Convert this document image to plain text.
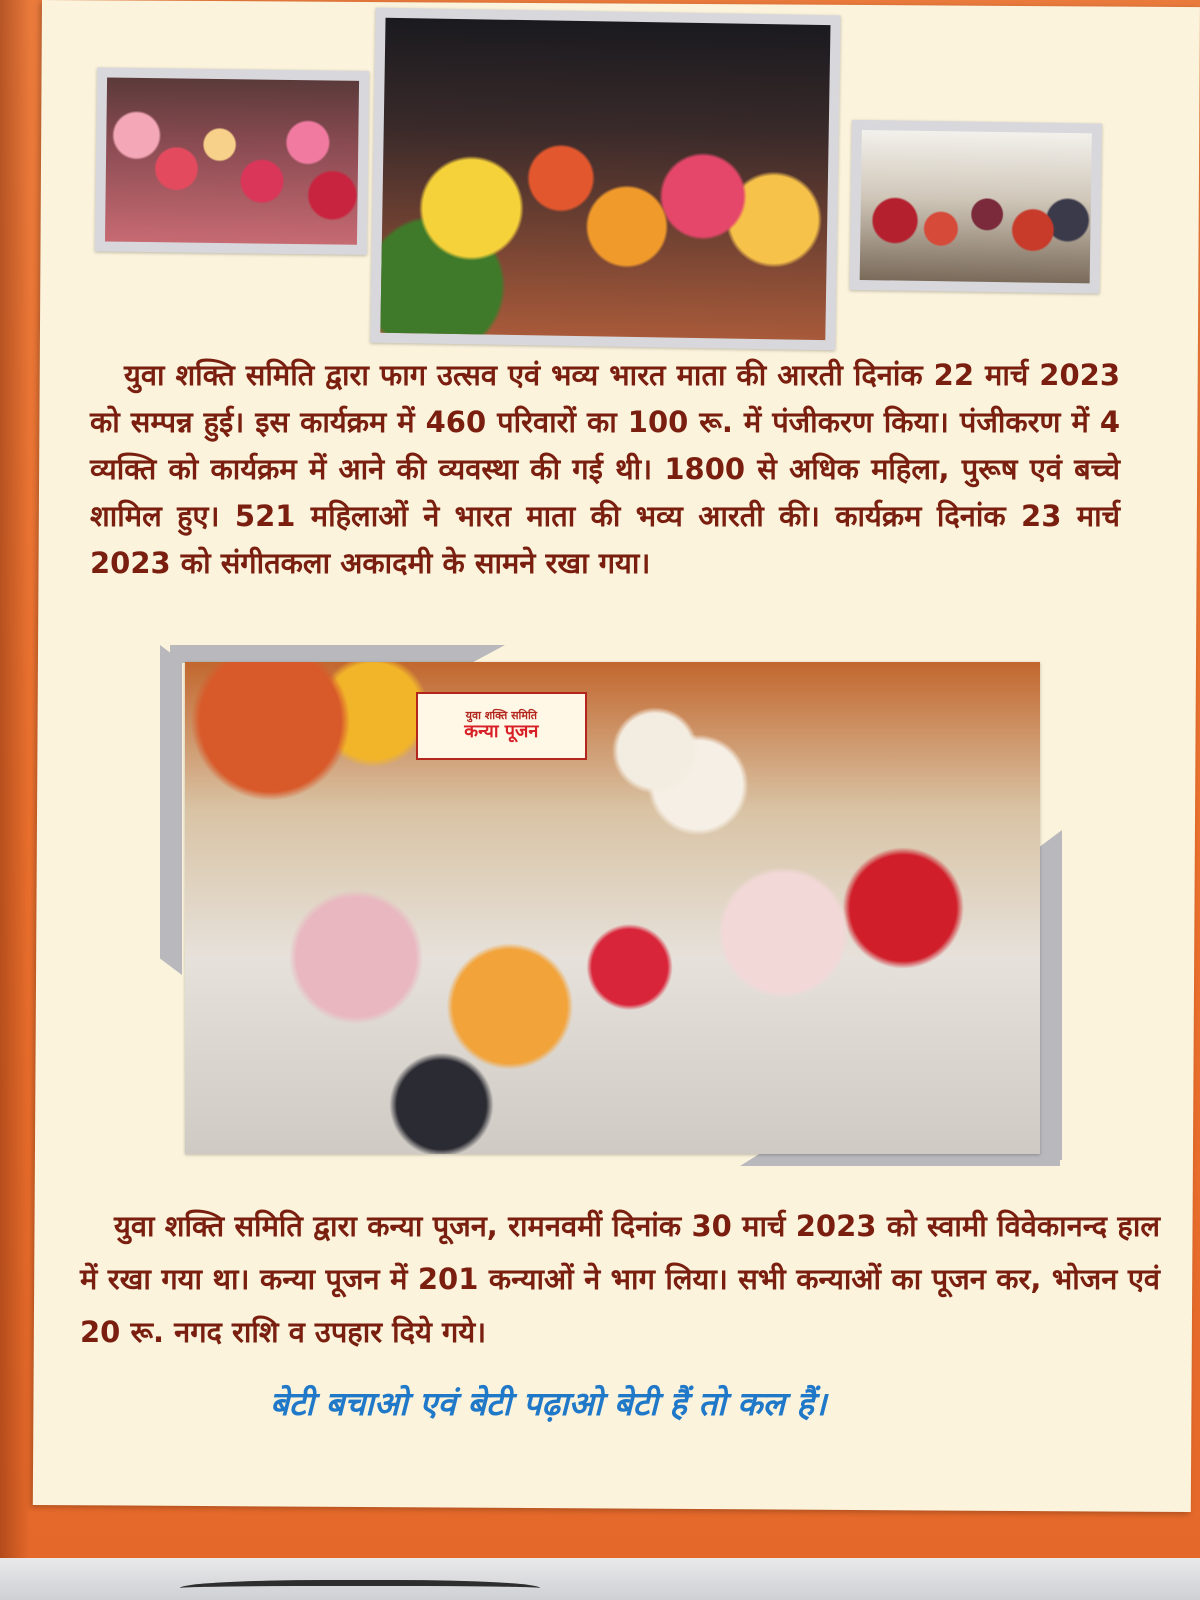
युवा शक्ति समिति द्वारा फाग उत्सव एवं भव्य भारत माता की आरती दिनांक 22 मार्च 2023 को सम्पन्न हुई। इस कार्यक्रम में 460 परिवारों का 100 रू. में पंजीकरण किया। पंजीकरण में 4 व्यक्ति को कार्यक्रम में आने की व्यवस्था की गई थी। 1800 से अधिक महिला, पुरूष एवं बच्चे शामिल हुए। 521 महिलाओं ने भारत माता की भव्य आरती की। कार्यक्रम दिनांक 23 मार्च 2023 को संगीतकला अकादमी के सामने रखा गया।

युवा शक्ति समिति
कन्या पूजन

युवा शक्ति समिति द्वारा कन्या पूजन, रामनवमीं दिनांक 30 मार्च 2023 को स्वामी विवेकानन्द हाल में रखा गया था। कन्या पूजन में 201 कन्याओं ने भाग लिया। सभी कन्याओं का पूजन कर, भोजन एवं 20 रू. नगद राशि व उपहार दिये गये।

बेटी बचाओ एवं बेटी पढ़ाओ बेटी हैं तो कल हैं।
